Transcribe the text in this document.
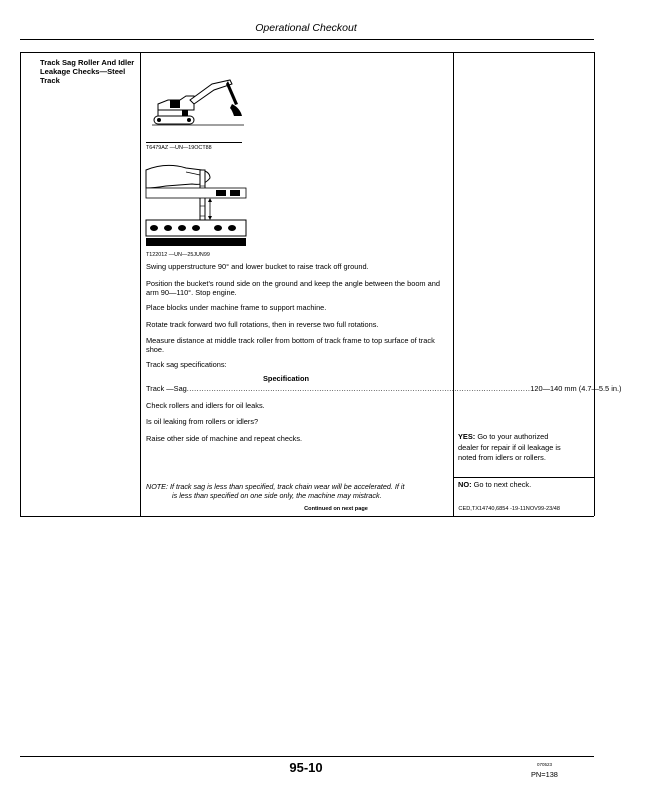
Operational Checkout
Track Sag Roller And Idler Leakage Checks—Steel Track
T6479AZ —UN—19OCT88
T122012 —UN—25JUN99
Swing upperstructure 90° and lower bucket to raise track off ground.
Position the bucket's round side on the ground and keep the angle between the boom and arm 90—110°. Stop engine.
Place blocks under machine frame to support machine.
Rotate track forward two full rotations, then in reverse two full rotations.
Measure distance at middle track roller from bottom of track frame to top surface of track shoe.
Track sag specifications:
Specification
Track —Sag ............................................................................................................................................ 120—140 mm (4.7—5.5 in.)
Check rollers and idlers for oil leaks.
Is oil leaking from rollers or idlers?
Raise other side of machine and repeat checks.	YES: Go to your authorized dealer for repair if oil leakage is noted from idlers or rollers.
NO: Go to next check.
NOTE: If track sag is less than specified, track chain wear will be accelerated. If it
is less than specified on one side only, the machine may mistrack.
Continued on next page	CED,TX14740,6854 -19-11NOV99-23/48
95-10	070523
PN=138
